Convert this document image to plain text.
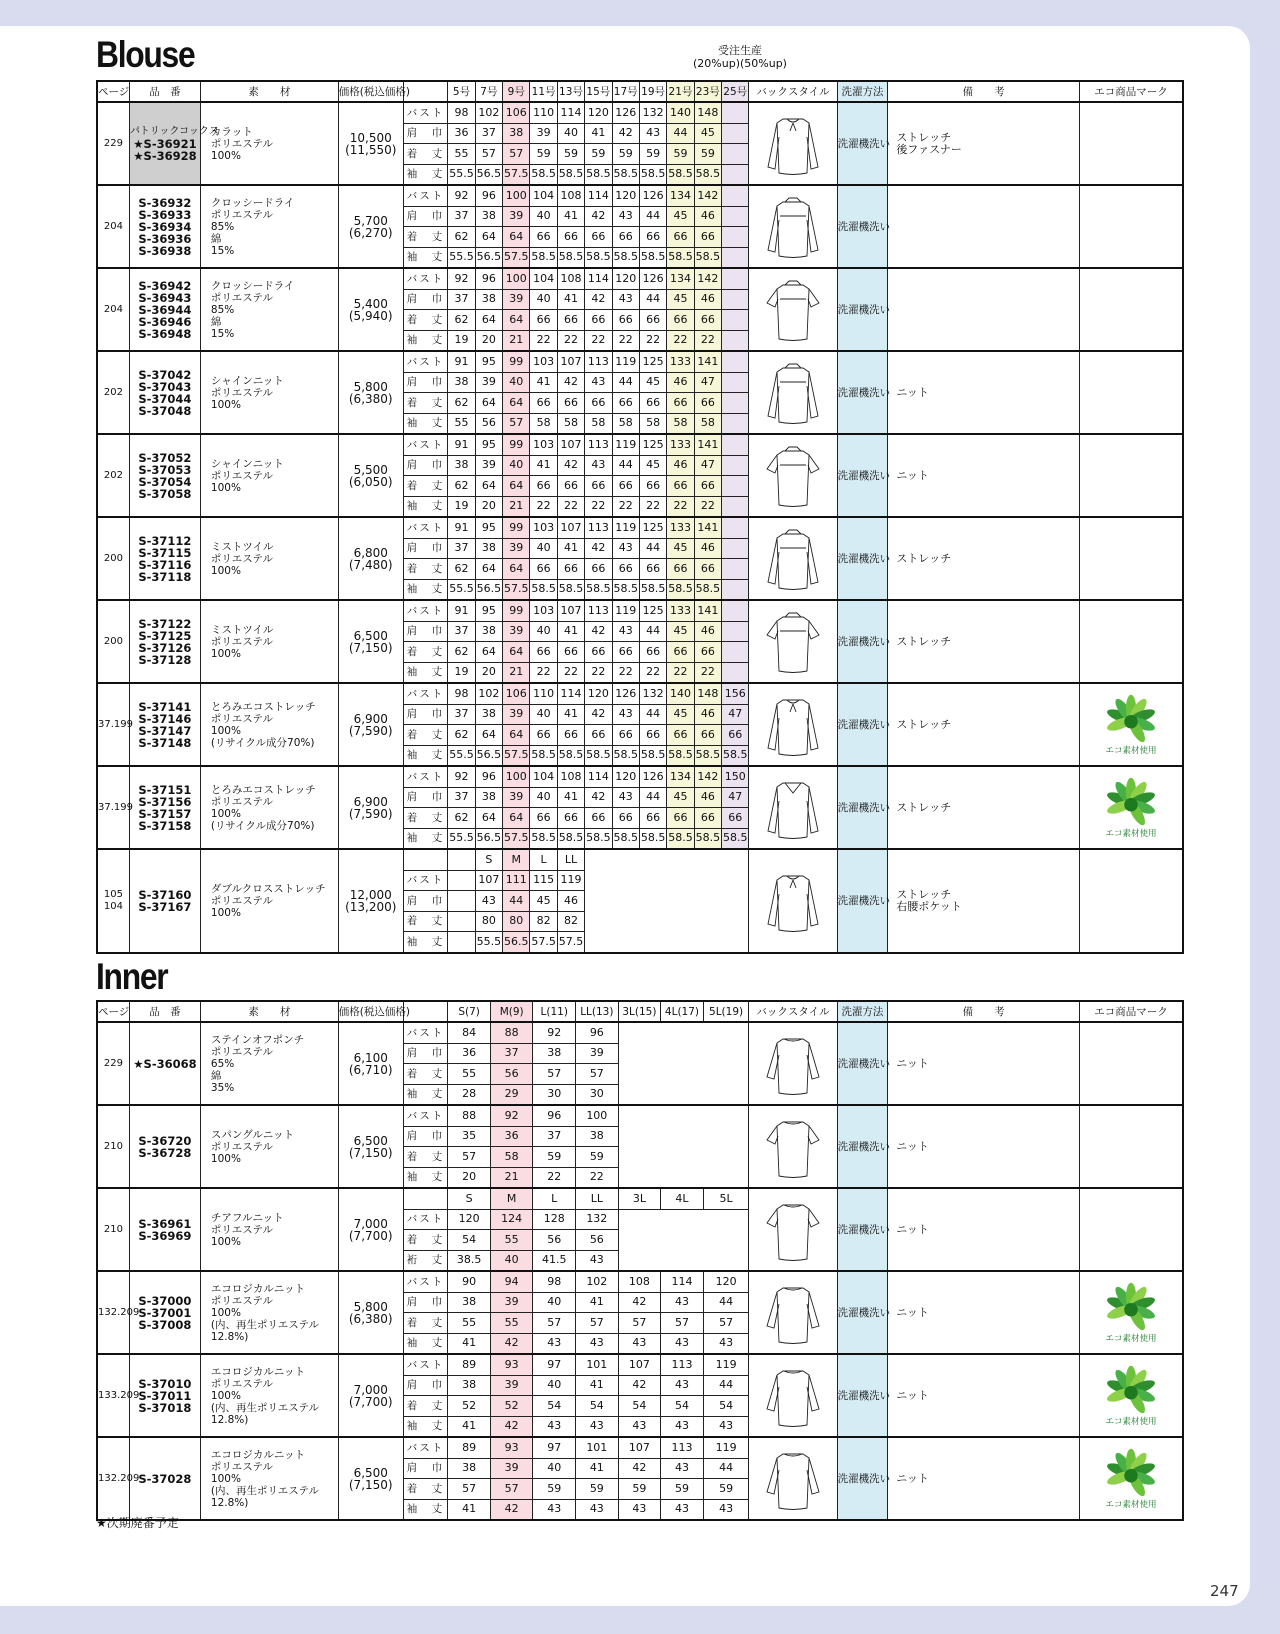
Blouse	受注生産
(20%up)(50%up)
ページ	品　番	素　　材	価格(税込価格)		5号	7号	9号	11号	13号	15号	17号	19号	21号	23号	25号	バックスタイル	洗濯方法	備　　考	エコ商品マーク
229	パトリックコックス
★S-36921
★S-36928	カラット
ポリエステル
100%	10,500
(11,550)	バスト	98	102	106	110	114	120	126	132	140	148			洗濯機洗い	ストレッチ
後ファスナー	

				肩　巾	36	37	38	39	40	41	42	43	44	45					
				着　丈	55	57	57	59	59	59	59	59	59	59					
				袖　丈	55.5	56.5	57.5	58.5	58.5	58.5	58.5	58.5	58.5	58.5					
204	S-36932
S-36933
S-36934
S-36936
S-36938	クロッシードライ
ポリエステル
85%
綿
15%	5,700
(6,270)	バスト	92	96	100	104	108	114	120	126	134	142			洗濯機洗い		
				肩　巾	37	38	39	40	41	42	43	44	45	46					
				着　丈	62	64	64	66	66	66	66	66	66	66					
				袖　丈	55.5	56.5	57.5	58.5	58.5	58.5	58.5	58.5	58.5	58.5					
204	S-36942
S-36943
S-36944
S-36946
S-36948	クロッシードライ
ポリエステル
85%
綿
15%	5,400
(5,940)	バスト	92	96	100	104	108	114	120	126	134	142			洗濯機洗い		
				肩　巾	37	38	39	40	41	42	43	44	45	46					
				着　丈	62	64	64	66	66	66	66	66	66	66					
				袖　丈	19	20	21	22	22	22	22	22	22	22					
202	S-37042
S-37043
S-37044
S-37048	シャインニット
ポリエステル
100%	5,800
(6,380)	バスト	91	95	99	103	107	113	119	125	133	141			洗濯機洗い	ニット	

				肩　巾	38	39	40	41	42	43	44	45	46	47					
				着　丈	62	64	64	66	66	66	66	66	66	66					
				袖　丈	55	56	57	58	58	58	58	58	58	58					
202	S-37052
S-37053
S-37054
S-37058	シャインニット
ポリエステル
100%	5,500
(6,050)	バスト	91	95	99	103	107	113	119	125	133	141			洗濯機洗い	ニット	

				肩　巾	38	39	40	41	42	43	44	45	46	47					
				着　丈	62	64	64	66	66	66	66	66	66	66					
				袖　丈	19	20	21	22	22	22	22	22	22	22					
200	S-37112
S-37115
S-37116
S-37118	ミストツイル
ポリエステル
100%	6,800
(7,480)	バスト	91	95	99	103	107	113	119	125	133	141			洗濯機洗い	ストレッチ	

				肩　巾	37	38	39	40	41	42	43	44	45	46					
				着　丈	62	64	64	66	66	66	66	66	66	66					
				袖　丈	55.5	56.5	57.5	58.5	58.5	58.5	58.5	58.5	58.5	58.5					
200	S-37122
S-37125
S-37126
S-37128	ミストツイル
ポリエステル
100%	6,500
(7,150)	バスト	91	95	99	103	107	113	119	125	133	141			洗濯機洗い	ストレッチ	

				肩　巾	37	38	39	40	41	42	43	44	45	46					
				着　丈	62	64	64	66	66	66	66	66	66	66					
				袖　丈	19	20	21	22	22	22	22	22	22	22					
37.199	S-37141
S-37146
S-37147
S-37148	とろみエコストレッチ
ポリエステル
100%
(リサイクル成分70%)	6,900
(7,590)	バスト	98	102	106	110	114	120	126	132	140	148	156		洗濯機洗い	ストレッチ	エコ素材使用

				肩　巾	37	38	39	40	41	42	43	44	45	46	47				
				着　丈	62	64	64	66	66	66	66	66	66	66	66				
				袖　丈	55.5	56.5	57.5	58.5	58.5	58.5	58.5	58.5	58.5	58.5	58.5				
37.199	S-37151
S-37156
S-37157
S-37158	とろみエコストレッチ
ポリエステル
100%
(リサイクル成分70%)	6,900
(7,590)	バスト	92	96	100	104	108	114	120	126	134	142	150		洗濯機洗い	ストレッチ	エコ素材使用

				肩　巾	37	38	39	40	41	42	43	44	45	46	47				
				着　丈	62	64	64	66	66	66	66	66	66	66	66				
				袖　丈	55.5	56.5	57.5	58.5	58.5	58.5	58.5	58.5	58.5	58.5	58.5				

105
104	S-37160
S-37167	ダブルクロスストレッチ
ポリエステル
100%	12,000
(13,200)			S	M	L	LL								洗濯機洗い	ストレッチ
右腰ポケット	

				バスト		107	111	115	119										
				肩　巾		43	44	45	46										
				着　丈		80	80	82	82										
				袖　丈		55.5	56.5	57.5	57.5										
Inner
ページ	品　番	素　　材	価格(税込価格)		S(7)	M(9)	L(11)	LL(13)	3L(15)	4L(17)	5L(19)	バックスタイル	洗濯方法	備　　考	エコ商品マーク
229	★S-36068	ステインオフポンチ
ポリエステル
65%
綿
35%	6,100
(6,710)	バスト	84	88	92	96					洗濯機洗い	ニット	

				肩　巾	36	37	38	39							
				着　丈	55	56	57	57							
				袖　丈	28	29	30	30							
210	S-36720
S-36728	スパングルニット
ポリエステル
100%	6,500
(7,150)	バスト	88	92	96	100					洗濯機洗い	ニット	

				肩　巾	35	36	37	38							
				着　丈	57	58	59	59							
				袖　丈	20	21	22	22							
210	S-36961
S-36969	チアフルニット
ポリエステル
100%	7,000
(7,700)		S	M	L	LL	3L	4L	5L		洗濯機洗い	ニット	

				バスト	120	124	128	132							
				着　丈	54	55	56	56							
				裄　丈	38.5	40	41.5	43							
132.209	S-37000
S-37001
S-37008	エコロジカルニット
ポリエステル
100%
(内、再生ポリエステル12.8%)	5,800
(6,380)	バスト	90	94	98	102	108	114	120		洗濯機洗い	ニット	エコ素材使用

				肩　巾	38	39	40	41	42	43	44				
				着　丈	55	55	57	57	57	57	57				
				袖　丈	41	42	43	43	43	43	43				
133.209	S-37010
S-37011
S-37018	エコロジカルニット
ポリエステル
100%
(内、再生ポリエステル12.8%)	7,000
(7,700)	バスト	89	93	97	101	107	113	119		洗濯機洗い	ニット	エコ素材使用

				肩　巾	38	39	40	41	42	43	44				
				着　丈	52	52	54	54	54	54	54				
				袖　丈	41	42	43	43	43	43	43				
132.209	S-37028	エコロジカルニット
ポリエステル
100%
(内、再生ポリエステル12.8%)	6,500
(7,150)	バスト	89	93	97	101	107	113	119		洗濯機洗い	ニット	エコ素材使用

				肩　巾	38	39	40	41	42	43	44				
				着　丈	57	57	59	59	59	59	59				
				袖　丈	41	42	43	43	43	43	43				
★次期廃番予定
247
